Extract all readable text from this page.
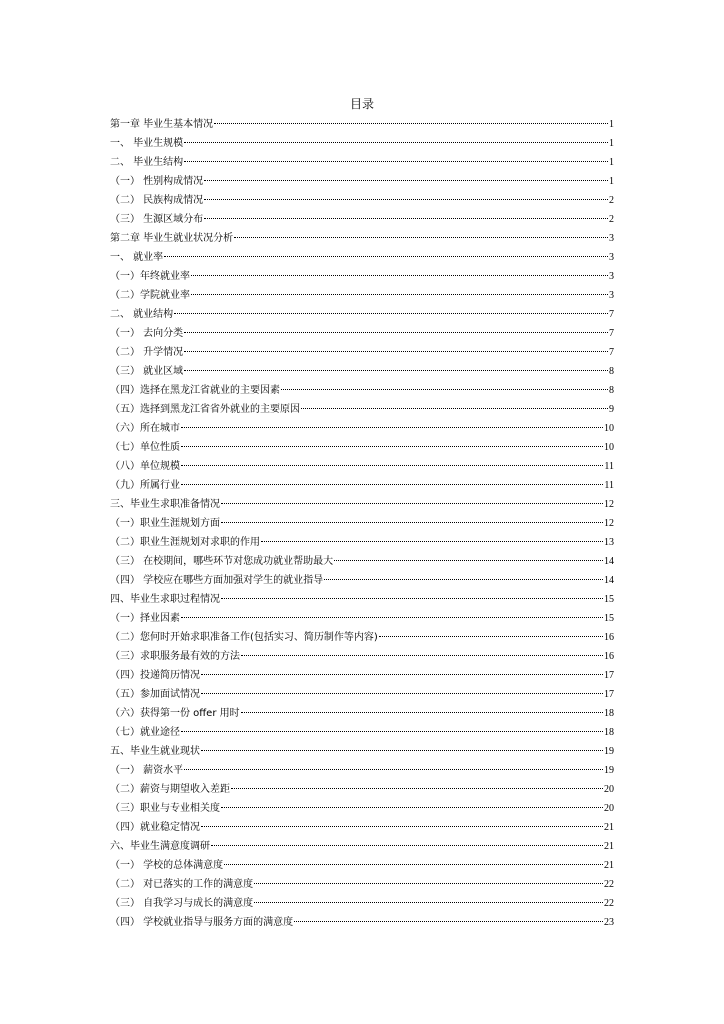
目录
第一章 毕业生基本情况	1
一、 毕业生规模	1
二、 毕业生结构	1
（一） 性别构成情况	1
（二） 民族构成情况	2
（三） 生源区域分布	2
第二章 毕业生就业状况分析	3
一、 就业率	3
（一）年终就业率	3
（二）学院就业率	3
二、 就业结构	7
（一） 去向分类	7
（二） 升学情况	7
（三） 就业区域	8
（四）选择在黑龙江省就业的主要因素	8
（五）选择到黑龙江省省外就业的主要原因	9
（六）所在城市	10
（七）单位性质	10
（八）单位规模	11
（九）所属行业	11
三、毕业生求职准备情况	12
（一）职业生涯规划方面	12
（二）职业生涯规划对求职的作用	13
（三） 在校期间，哪些环节对您成功就业帮助最大	14
（四） 学校应在哪些方面加强对学生的就业指导	14
四、毕业生求职过程情况	15
（一）择业因素	15
（二）您何时开始求职准备工作(包括实习、简历制作等内容)	16
（三）求职服务最有效的方法	16
（四）投递简历情况	17
（五）参加面试情况	17
（六）获得第一份 offer 用时	18
（七）就业途径	18
五、毕业生就业现状	19
（一） 薪资水平	19
（二）薪资与期望收入差距	20
（三）职业与专业相关度	20
（四）就业稳定情况	21
六、毕业生满意度调研	21
（一） 学校的总体满意度	21
（二） 对已落实的工作的满意度	22
（三） 自我学习与成长的满意度	22
（四） 学校就业指导与服务方面的满意度	23
